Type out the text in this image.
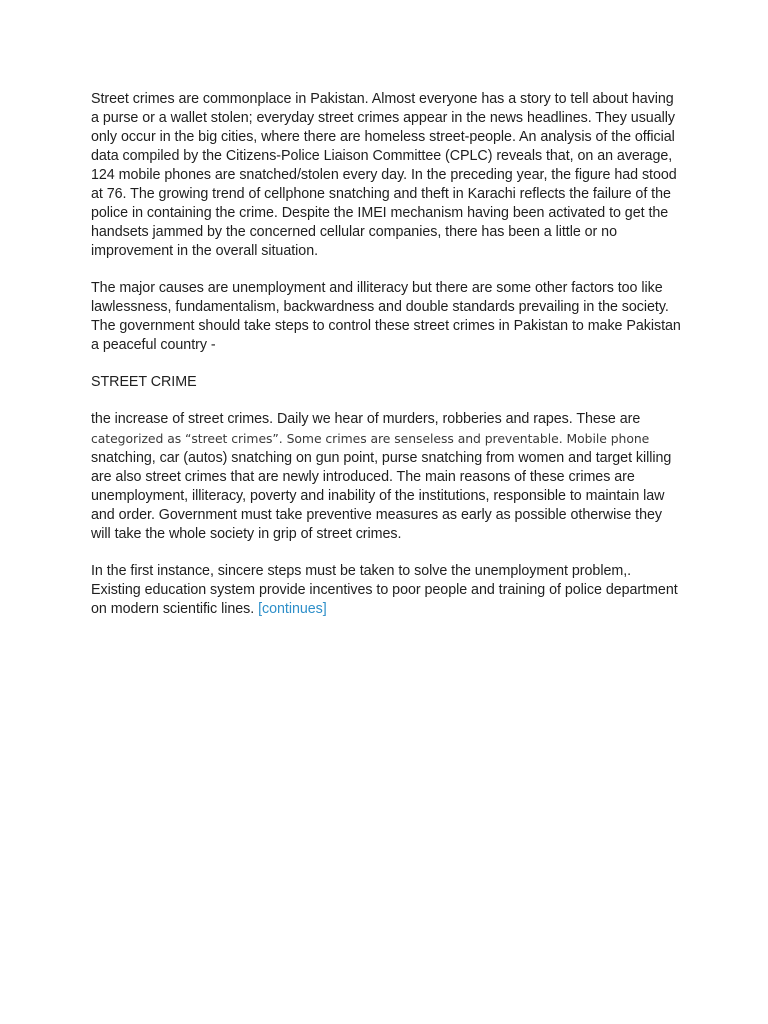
Street crimes are commonplace in Pakistan. Almost everyone has a story to tell about having a purse or a wallet stolen; everyday street crimes appear in the news headlines. They usually only occur in the big cities, where there are homeless street-people. An analysis of the official data compiled by the Citizens-Police Liaison Committee (CPLC) reveals that, on an average, 124 mobile phones are snatched/stolen every day. In the preceding year, the figure had stood at 76. The growing trend of cellphone snatching and theft in Karachi reflects the failure of the police in containing the crime. Despite the IMEI mechanism having been activated to get the handsets jammed by the concerned cellular companies, there has been a little or no improvement in the overall situation.

The major causes are unemployment and illiteracy but there are some other factors too like lawlessness, fundamentalism, backwardness and double standards prevailing in the society. The government should take steps to control these street crimes in Pakistan to make Pakistan a peaceful country -

STREET CRIME

the increase of street crimes. Daily we hear of murders, robberies and rapes. These are categorized as “street crimes”. Some crimes are senseless and preventable. Mobile phone snatching, car (autos) snatching on gun point, purse snatching from women and target killing are also street crimes that are newly introduced. The main reasons of these crimes are unemployment, illiteracy, poverty and inability of the institutions, responsible to maintain law and order. Government must take preventive measures as early as possible otherwise they will take the whole society in grip of street crimes.

In the first instance, sincere steps must be taken to solve the unemployment problem,. Existing education system provide incentives to poor people and training of police department on modern scientific lines. [continues]
